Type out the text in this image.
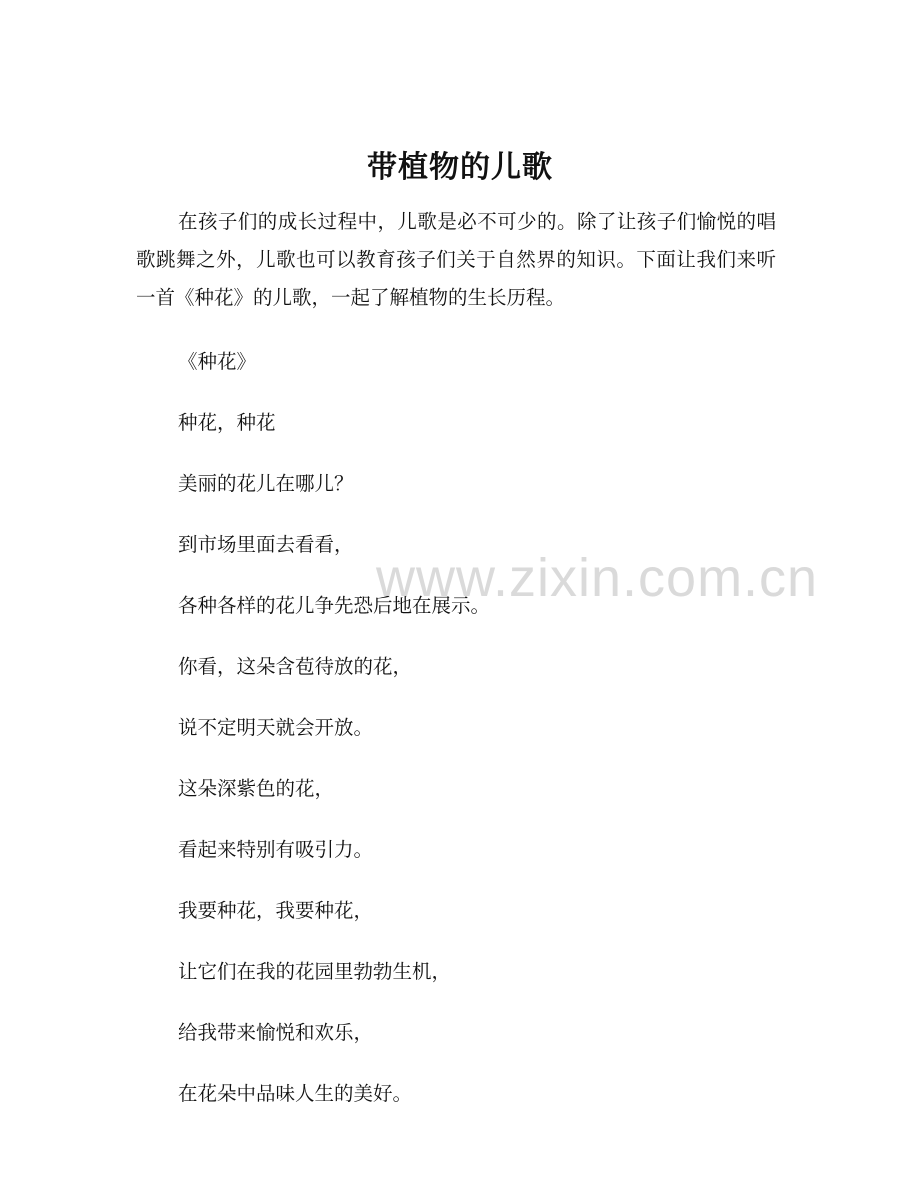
带植物的儿歌

在孩子们的成长过程中，儿歌是必不可少的。除了让孩子们愉悦的唱歌跳舞之外，儿歌也可以教育孩子们关于自然界的知识。下面让我们来听一首《种花》的儿歌，一起了解植物的生长历程。

《种花》
种花，种花
美丽的花儿在哪儿？
到市场里面去看看，
各种各样的花儿争先恐后地在展示。
你看，这朵含苞待放的花，
说不定明天就会开放。
这朵深紫色的花，
看起来特别有吸引力。
我要种花，我要种花，
让它们在我的花园里勃勃生机，
给我带来愉悦和欢乐，
在花朵中品味人生的美好。
www.zixin.com.cn
